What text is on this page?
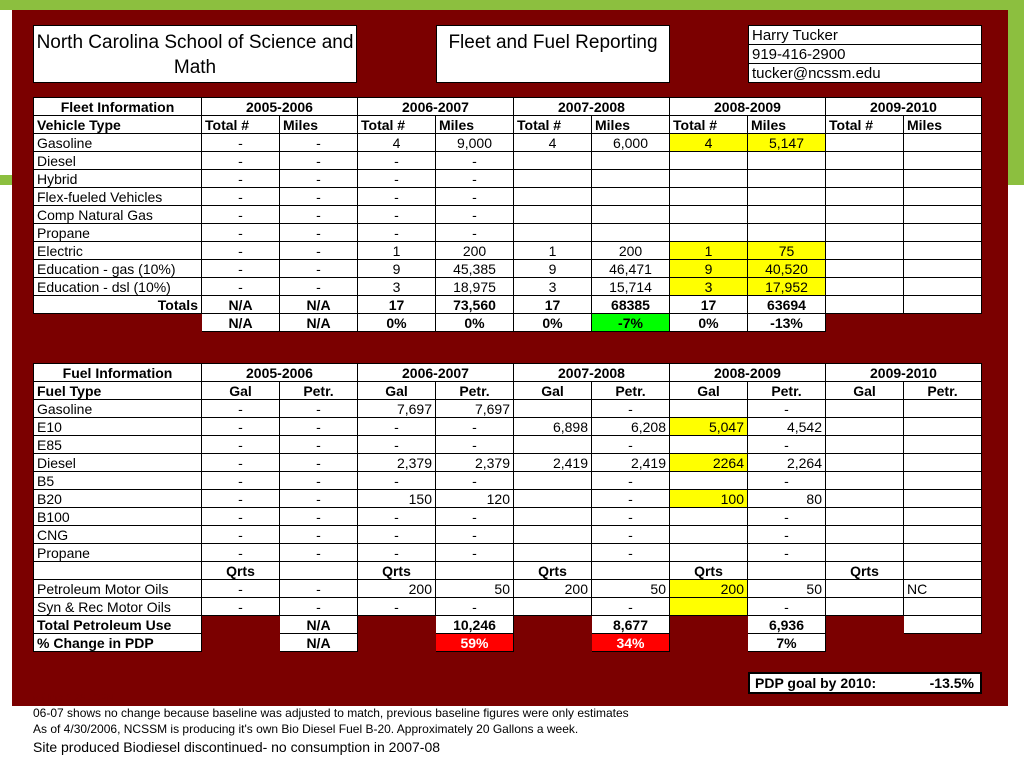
North Carolina School of Science and Math
Fleet and Fuel Reporting	Harry Tucker
919-416-2900
tucker@ncssm.edu
Fleet Information	2005-2006		2006-2007		2007-2008		2008-2009		2009-2010	
Vehicle Type	Total #	Miles	Total #	Miles	Total #	Miles	Total #	Miles	Total #	Miles
Gasoline	-	-	4	9,000	4	6,000	4	5,147		
Diesel	-	-	-	-						
Hybrid	-	-	-	-						
Flex-fueled Vehicles	-	-	-	-						
Comp Natural Gas	-	-	-	-						
Propane	-	-	-	-						
Electric	-	-	1	200	1	200	1	75		
Education - gas (10%)	-	-	9	45,385	9	46,471	9	40,520		
Education - dsl (10%)	-	-	3	18,975	3	15,714	3	17,952		
Totals	N/A	N/A	17	73,560	17	68385	17	63694		
	N/A	N/A	0%	0%	0%	-7%	0%	-13%		
Fuel Information	2005-2006		2006-2007		2007-2008		2008-2009		2009-2010	
Fuel Type	Gal	Petr.	Gal	Petr.	Gal	Petr.	Gal	Petr.	Gal	Petr.
Gasoline	-	-	7,697	7,697		-		-		
E10	-	-	-	-	6,898	6,208	5,047	4,542		
E85	-	-	-	-		-		-		
Diesel	-	-	2,379	2,379	2,419	2,419	2264	2,264		
B5	-	-	-	-		-		-		
B20	-	-	150	120		-	100	80		
B100	-	-	-	-		-		-		
CNG	-	-	-	-		-		-		
Propane	-	-	-	-		-		-		
	Qrts		Qrts		Qrts		Qrts		Qrts	
Petroleum Motor Oils	-	-	200	50	200	50	200	50		NC
Syn & Rec Motor Oils	-	-	-	-		-		-		
Total Petroleum Use		N/A		10,246		8,677		6,936		
% Change in PDP		N/A		59%		34%		7%		
PDP goal by 2010:	-13.5%
ref line # 26 JCPN
06-07 shows no change because baseline was adjusted to match, previous baseline figures were only estimates
As of 4/30/2006, NCSSM is producing it's own Bio Diesel Fuel B-20. Approximately 20 Gallons a week.
Site produced Biodiesel discontinued- no consumption in 2007-08
